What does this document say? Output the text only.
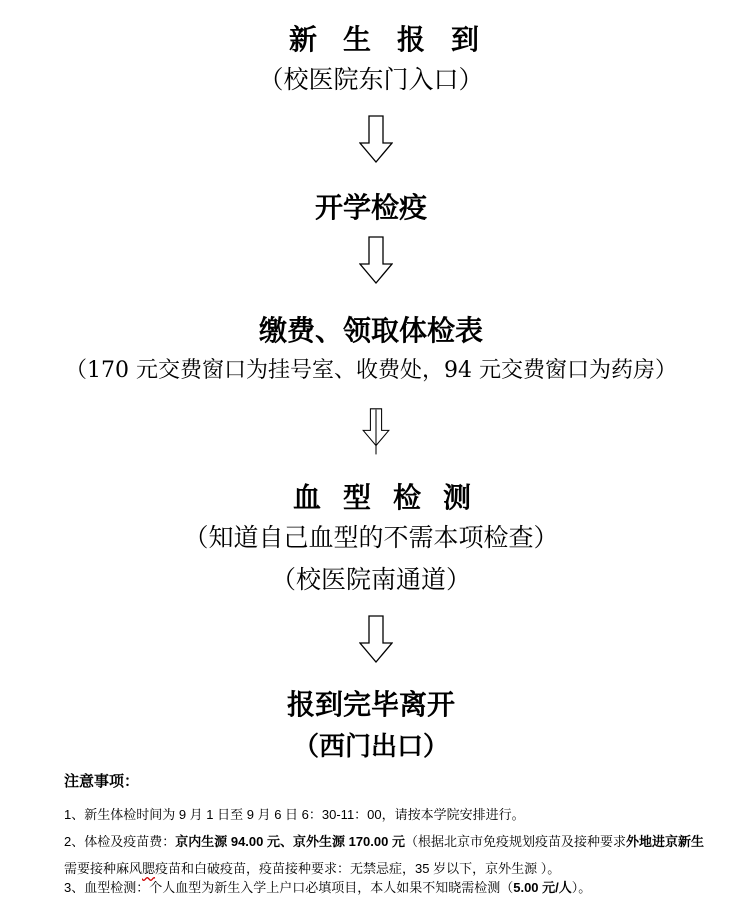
新生报到
（校医院东门入口）
开学检疫
缴费、领取体检表
（170 元交费窗口为挂号室、收费处，94 元交费窗口为药房）
血型检测
（知道自己血型的不需本项检查）
（校医院南通道）
报到完毕离开
（西门出口）
注意事项：
1、新生体检时间为 9 月 1 日至 9 月 6 日 6：30-11：00，请按本学院安排进行。
2、体检及疫苗费：京内生源 94.00 元、京外生源 170.00 元（根据北京市免疫规划疫苗及接种要求外地进京新生需要接种麻风腮疫苗和白破疫苗，疫苗接种要求：无禁忌症，35 岁以下，京外生源 ）。
3、血型检测：个人血型为新生入学上户口必填项目，本人如果不知晓需检测（5.00 元/人）。
